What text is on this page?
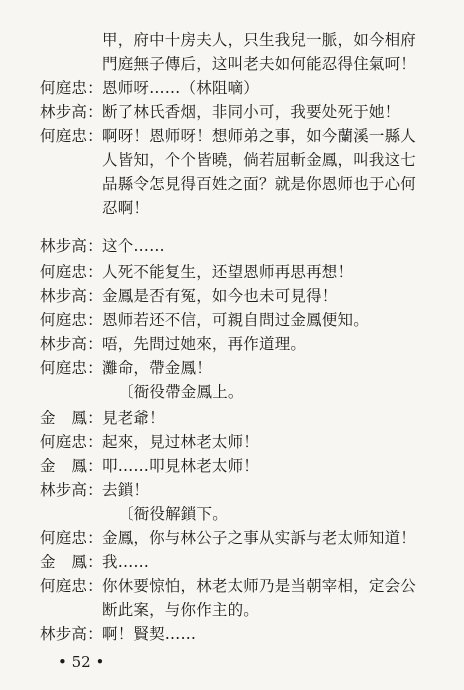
甲，府中十房夫人，只生我兒一脈，如今相府
門庭無子傳后，这叫老夫如何能忍得住氣呵！
何庭忠： 恩师呀……（林阻嘀）
林步高： 断了林氏香烟，非同小可，我要处死于她！
何庭忠： 啊呀！恩师呀！想师弟之事，如今蘭溪一縣人
人皆知，个个皆曉，倘若屈斬金鳳，叫我这七
品縣令怎見得百姓之面？就是你恩师也于心何
忍啊！
林步高： 这个……
何庭忠： 人死不能复生，还望恩师再思再想！
林步高： 金鳳是否有冤，如今也未可見得！
何庭忠： 恩师若还不信，可親自問过金鳳便知。
林步高： 唔，先問过她來，再作道理。
何庭忠： 灘命，帶金鳳！
〔衙役帶金鳳上。
金　鳳： 見老爺！
何庭忠： 起來，見过林老太师！
金　鳳： 叩……叩見林老太师！
林步高： 去鎖！
〔衙役解鎖下。
何庭忠： 金鳳，你与林公子之事从实訴与老太师知道！
金　鳳： 我……
何庭忠： 你休要惊怕，林老太师乃是当朝宰相，定会公
断此案，与你作主的。
林步高： 啊！賢契……
• 52 •
